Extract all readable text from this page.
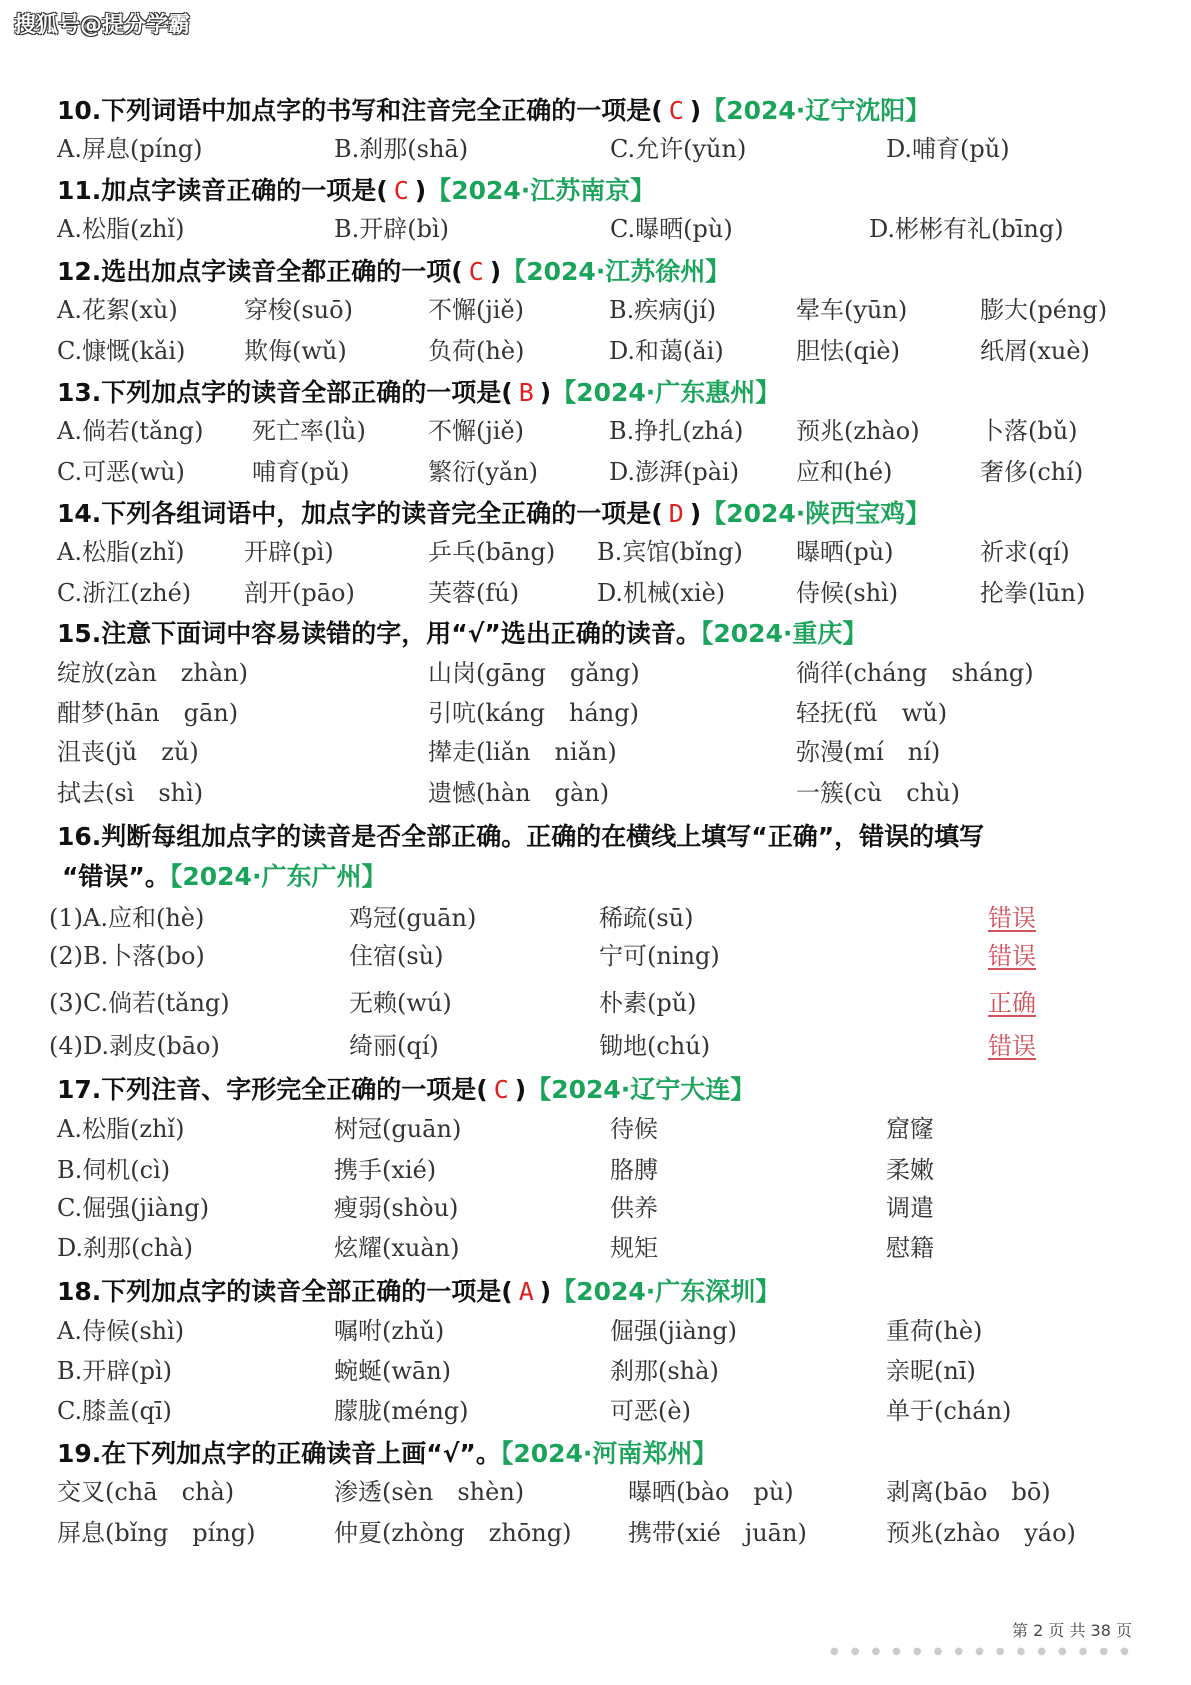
搜狐号@提分学霸
10.下列词语中加点字的书写和注音完全正确的一项是( C )【2024·辽宁沈阳】
A.屏息(píng)	B.刹那(shā)	C.允许(yǔn)	D.哺育(pǔ)
11.加点字读音正确的一项是( C )【2024·江苏南京】
A.松脂(zhǐ)	B.开辟(bì)	C.曝晒(pù)	D.彬彬有礼(bīng)
12.选出加点字读音全都正确的一项( C )【2024·江苏徐州】
A.花絮(xù)	穿梭(suō)	不懈(jiě)	B.疾病(jí)	晕车(yūn)	膨大(péng)
C.慷慨(kǎi) 欺侮(wǔ)	负荷(hè)	D.和蔼(ǎi)	胆怯(qiè)	纸屑(xuè)
13.下列加点字的读音全部正确的一项是( B )【2024·广东惠州】
A.倘若(tǎng) 死亡率(lǜ)	不懈(jiě)	B.挣扎(zhá) 预兆(zhào)	卜落(bǔ)
C.可恶(wù)	哺育(pǔ)	繁衍(yǎn)	D.澎湃(pài) 应和(hé)	奢侈(chí)
14.下列各组词语中，加点字的读音完全正确的一项是( D )【2024·陕西宝鸡】
A.松脂(zhǐ) 开辟(pì)	乒乓(bāng) B.宾馆(bǐng) 曝晒(pù)	祈求(qí)
C.浙江(zhé) 剖开(pāo)	芙蓉(fú)	D.机械(xiè)	侍候(shì)	抡拳(lūn)
15.注意下面词中容易读错的字，用“√”选出正确的读音。【2024·重庆】
绽放(zàn　zhàn)	山岗(gāng　gǎng)	徜徉(cháng　sháng)
酣梦(hān　gān)	引吭(káng　háng)	轻抚(fǔ　wǔ)
沮丧(jǔ　zǔ)	撵走(liǎn　niǎn)	弥漫(mí　ní)
拭去(sì　shì)	遗憾(hàn　gàn)	一簇(cù　chù)
16.判断每组加点字的读音是否全部正确。正确的在横线上填写“正确”，错误的填写
“错误”。【2024·广东广州】
(1)A.应和(hè)	鸡冠(guān)	稀疏(sū)	错误
(2)B.卜落(bo)	住宿(sù)	宁可(ning)	错误
(3)C.倘若(tǎng)	无赖(wú)	朴素(pǔ)	正确
(4)D.剥皮(bāo)	绮丽(qí)	锄地(chú)	错误
17.下列注音、字形完全正确的一项是( C )【2024·辽宁大连】
A.松脂(zhǐ)	树冠(guān)	待候	窟窿
B.伺机(cì)	携手(xié)	胳膊	柔嫩
C.倔强(jiàng)	瘦弱(shòu)	供养	调遣
D.刹那(chà)	炫耀(xuàn)	规矩	慰籍
18.下列加点字的读音全部正确的一项是( A )【2024·广东深圳】
A.侍候(shì)	嘱咐(zhǔ)	倔强(jiàng)	重荷(hè)
B.开辟(pì)	蜿蜒(wān)	刹那(shà)	亲昵(nī)
C.膝盖(qī)	朦胧(méng)	可恶(è)	单于(chán)
19.在下列加点字的正确读音上画“√”。【2024·河南郑州】
交叉(chā　chà)	渗透(sèn　shèn)	曝晒(bào　pù)	剥离(bāo　bō)
屏息(bǐng　píng)	仲夏(zhòng　zhōng) 携带(xié　juān)	预兆(zhào　yáo)
第 2 页 共 38 页
●●●●●●●●●●●●●●●
